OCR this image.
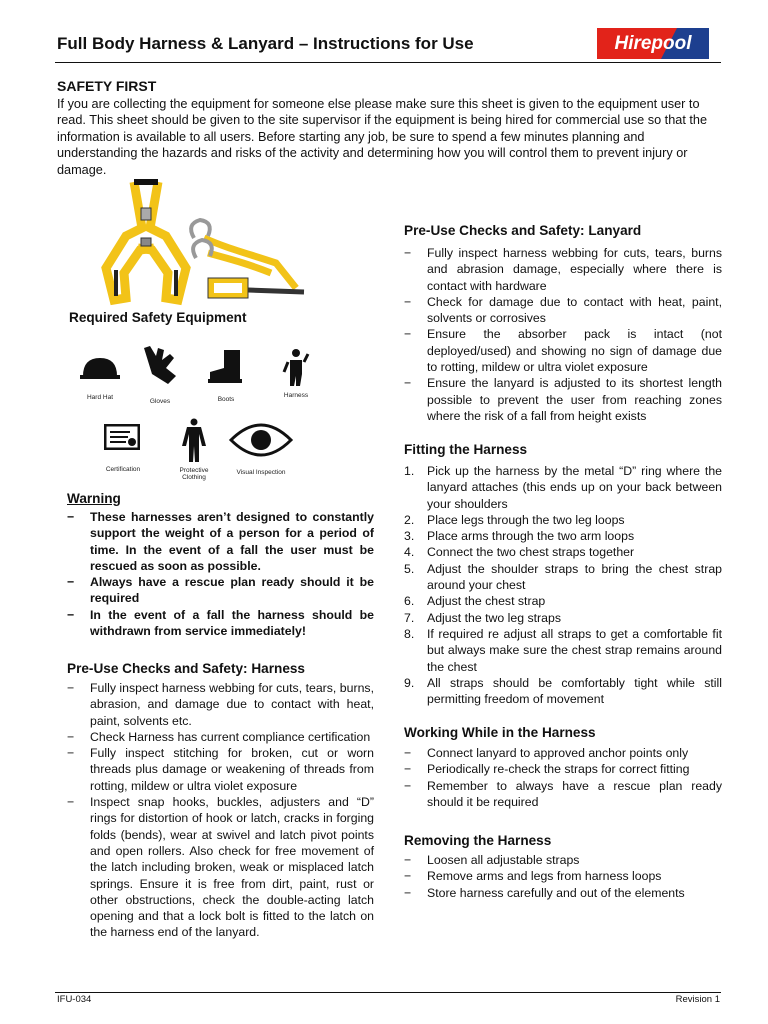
Full Body Harness & Lanyard – Instructions for Use	Hirepool
SAFETY FIRST
If you are collecting the equipment for someone else please make sure this sheet is given to the equipment user to read. This sheet should be given to the site supervisor if the equipment is being hired for commercial use so that the information is available to all users. Before starting any job, be sure to spend a few minutes planning and understanding the hazards and risks of the activity and determining how you will control them to prevent injury or damage.
Required Safety Equipment
Hard Hat
Gloves	Boots
Harness
Certification	Protective Clothing
Visual Inspection
Warning
− These harnesses aren’t designed to constantly support the weight of a person for a period of time. In the event of a fall the user must be rescued as soon as possible.
− Always have a rescue plan ready should it be required
− In the event of a fall the harness should be withdrawn from service immediately!
Pre-Use Checks and Safety: Harness
− Fully inspect harness webbing for cuts, tears, burns, abrasion, and damage due to contact with heat, paint, solvents etc.
− Check Harness has current compliance certification
− Fully inspect stitching for broken, cut or worn threads plus damage or weakening of threads from rotting, mildew or ultra violet exposure
− Inspect snap hooks, buckles, adjusters and “D” rings for distortion of hook or latch, cracks in forging folds (bends), wear at swivel and latch pivot points and open rollers. Also check for free movement of the latch including broken, weak or misplaced latch springs. Ensure it is free from dirt, paint, rust or other obstructions, check the double-acting latch opening and that a lock bolt is fitted to the latch on the harness end of the lanyard.
Pre-Use Checks and Safety: Lanyard
− Fully inspect harness webbing for cuts, tears, burns and abrasion damage, especially where there is contact with hardware
− Check for damage due to contact with heat, paint, solvents or corrosives
− Ensure the absorber pack is intact (not deployed/used) and showing no sign of damage due to rotting, mildew or ultra violet exposure
− Ensure the lanyard is adjusted to its shortest length possible to prevent the user from reaching zones where the risk of a fall from height exists
Fitting the Harness
1. Pick up the harness by the metal “D” ring where the lanyard attaches (this ends up on your back between your shoulders
2. Place legs through the two leg loops
3. Place arms through the two arm loops
4. Connect the two chest straps together
5. Adjust the shoulder straps to bring the chest strap around your chest
6. Adjust the chest strap
7. Adjust the two leg straps
8. If required re adjust all straps to get a comfortable fit but always make sure the chest strap remains around the chest
9. All straps should be comfortably tight while still permitting freedom of movement
Working While in the Harness
− Connect lanyard to approved anchor points only
− Periodically re-check the straps for correct fitting
− Remember to always have a rescue plan ready should it be required
Removing the Harness
− Loosen all adjustable straps
− Remove arms and legs from harness loops
− Store harness carefully and out of the elements
IFU-034	Revision 1
